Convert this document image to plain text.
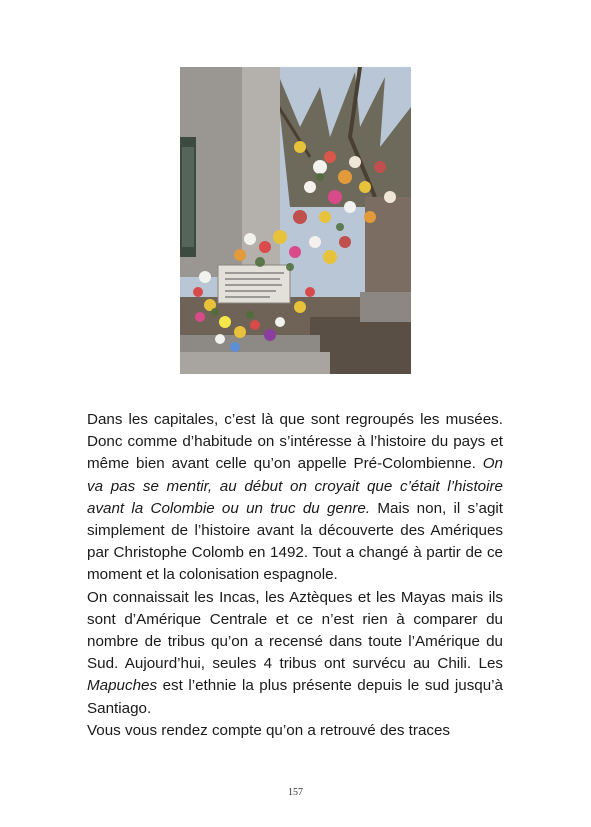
Dans les capitales, c’est là que sont regroupés les musées. Donc comme d’habitude on s’intéresse à l’histoire du pays et même bien avant celle qu’on appelle Pré-Colombienne. On va pas se mentir, au début on croyait que c’était l’histoire avant la Colombie ou un truc du genre. Mais non, il s’agit simplement de l’histoire avant la découverte des Amériques par Christophe Colomb en 1492. Tout a changé à partir de ce moment et la colonisation espagnole.

On connaissait les Incas, les Aztèques et les Mayas mais ils sont d’Amérique Centrale et ce n’est rien à comparer du nombre de tribus qu’on a recensé dans toute l’Amérique du Sud. Aujourd’hui, seules 4 tribus ont survécu au Chili. Les Mapuches est l’ethnie la plus présente depuis le sud jusqu’à Santiago.

Vous vous rendez compte qu’on a retrouvé des traces

157
